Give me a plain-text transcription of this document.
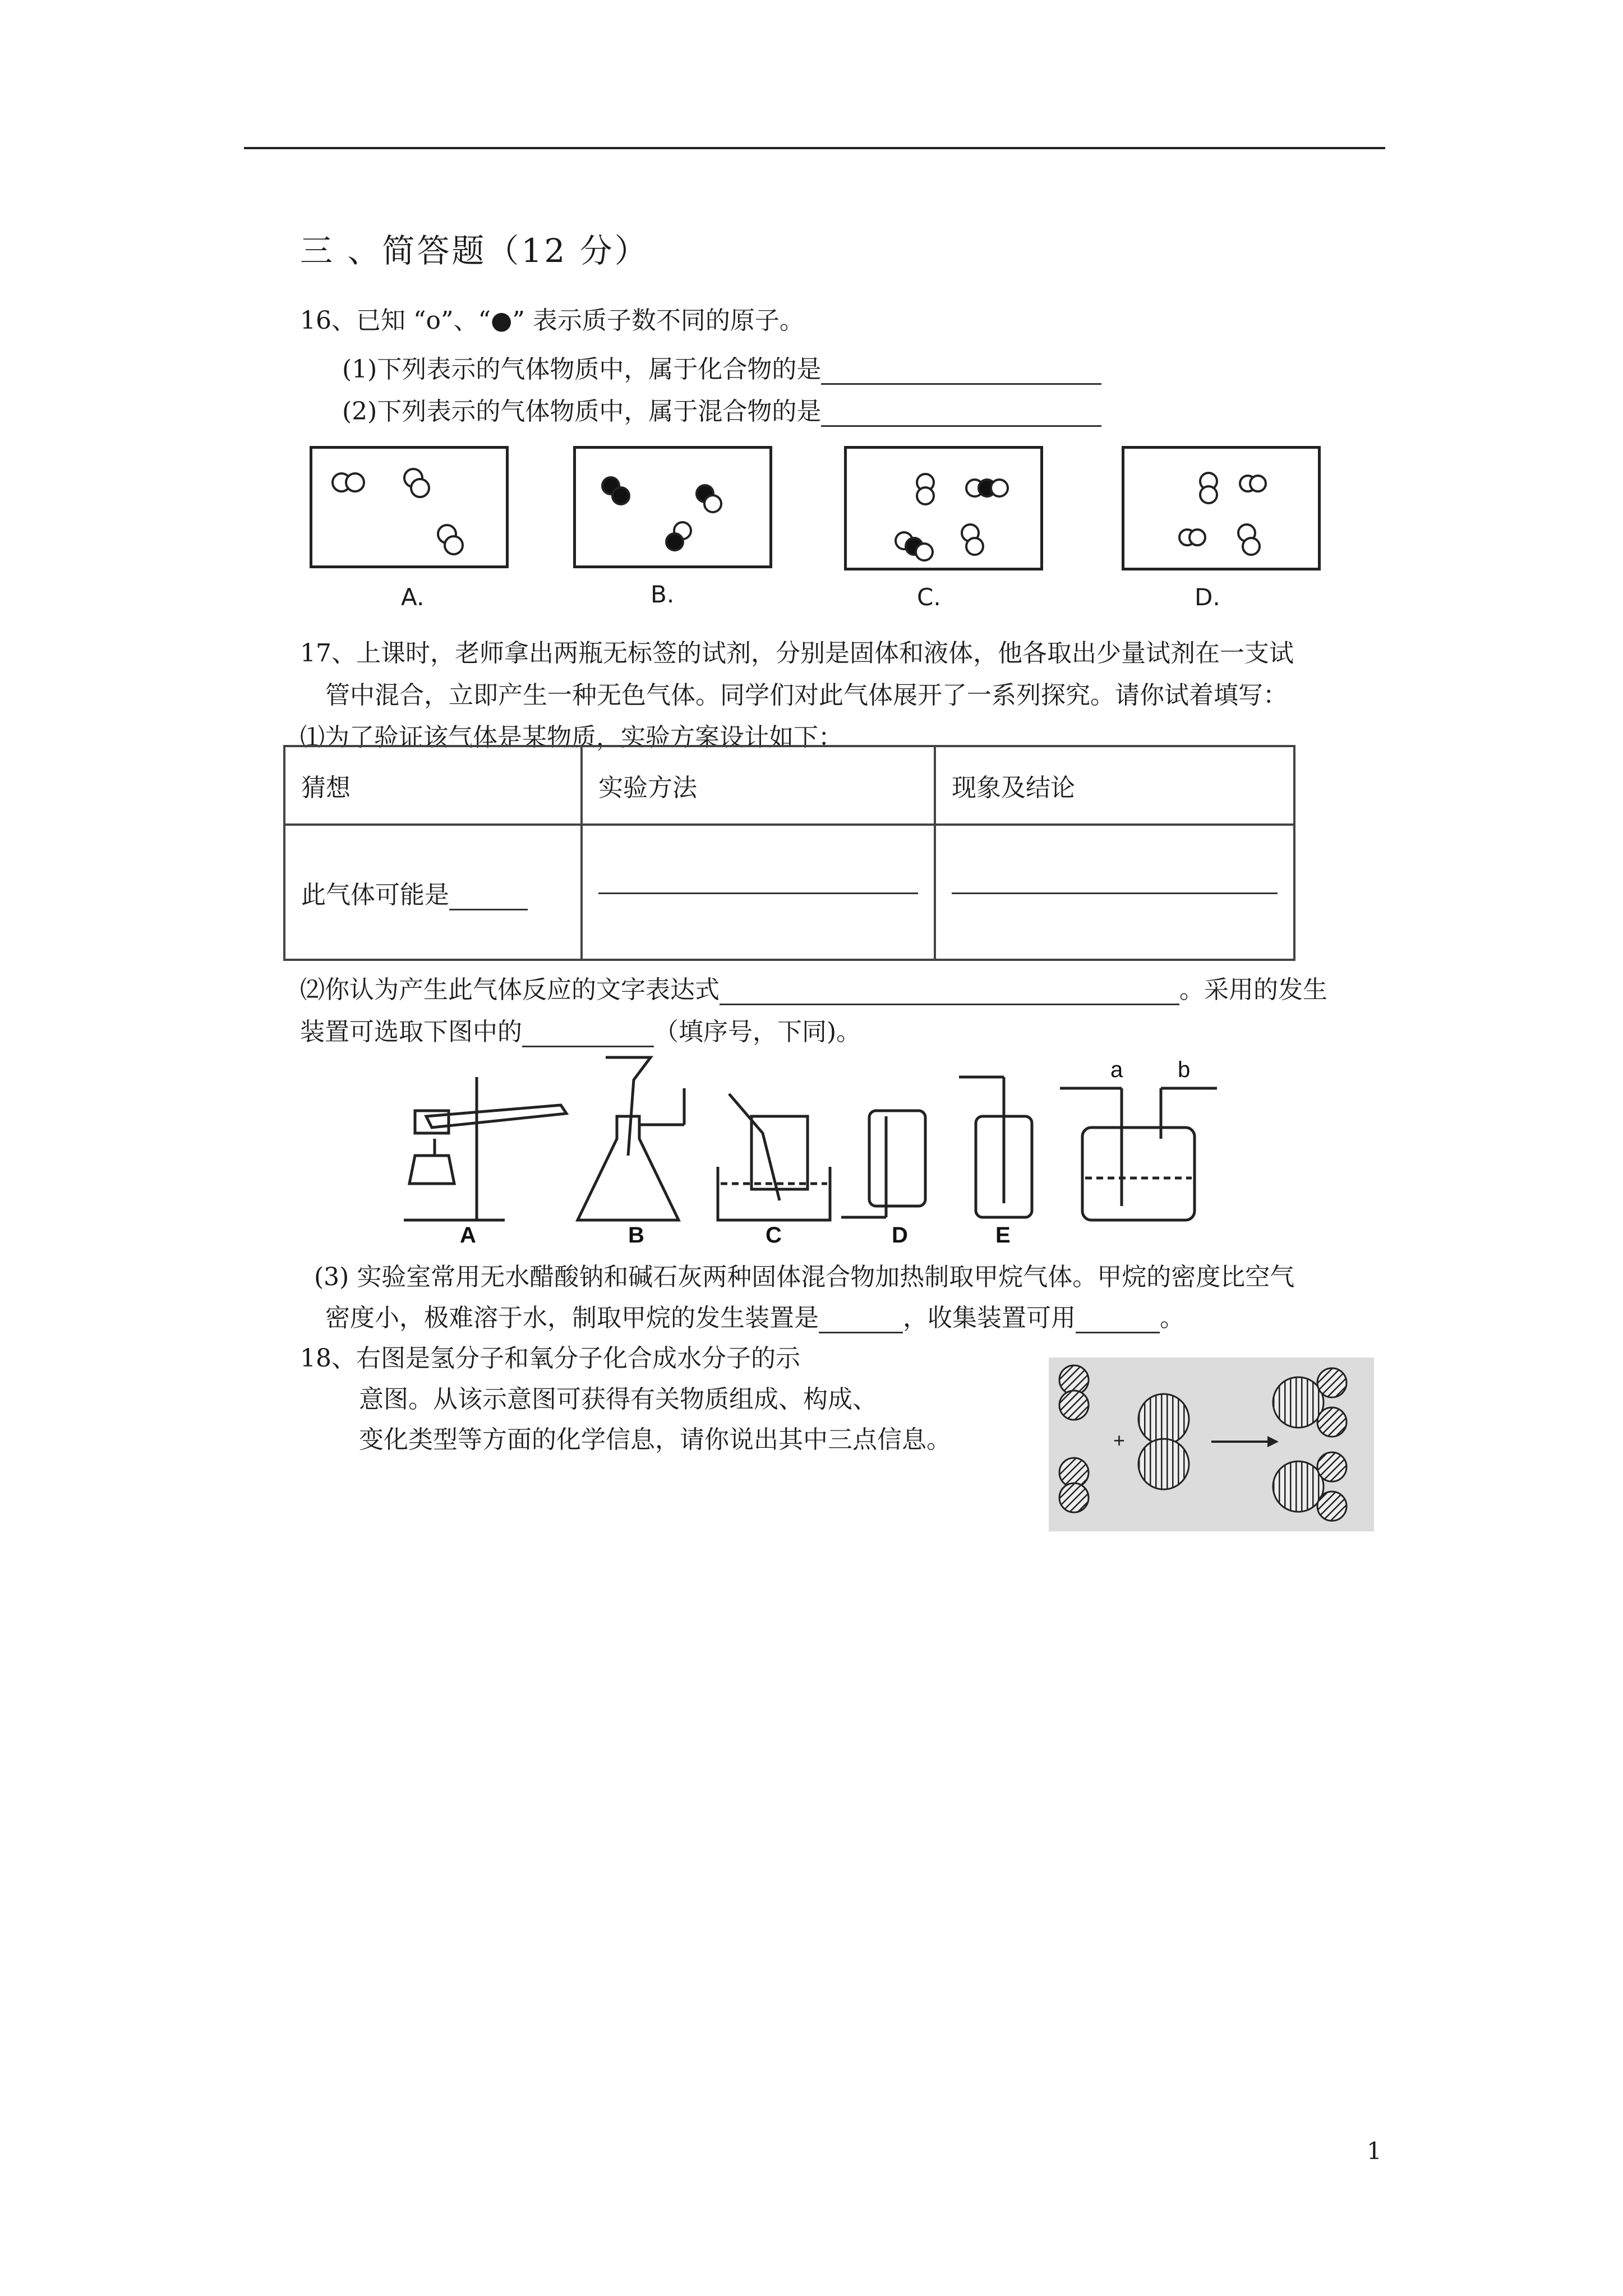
三 、简答题（12 分）
16、已知 “o”、“●” 表示质子数不同的原子。
(1)下列表示的气体物质中，属于化合物的是
(2)下列表示的气体物质中，属于混合物的是
A.	B.	C.	D.
17、上课时，老师拿出两瓶无标签的试剂，分别是固体和液体，他各取出少量试剂在一支试
管中混合，立即产生一种无色气体。同学们对此气体展开了一系列探究。请你试着填写：
⑴为了验证该气体是某物质，实验方案设计如下：
猜想	实验方法	现象及结论
此气体可能是	

⑵你认为产生此气体反应的文字表达式	。采用的发生
装置可选取下图中的	（填序号，下同)。
A	B	C	D	E
a b
(3) 实验室常用无水醋酸钠和碱石灰两种固体混合物加热制取甲烷气体。甲烷的密度比空气
密度小，极难溶于水，制取甲烷的发生装置是	，收集装置可用	。
18、右图是氢分子和氧分子化合成水分子的示
意图。从该示意图可获得有关物质组成、构成、
变化类型等方面的化学信息，请你说出其中三点信息。	+
1
